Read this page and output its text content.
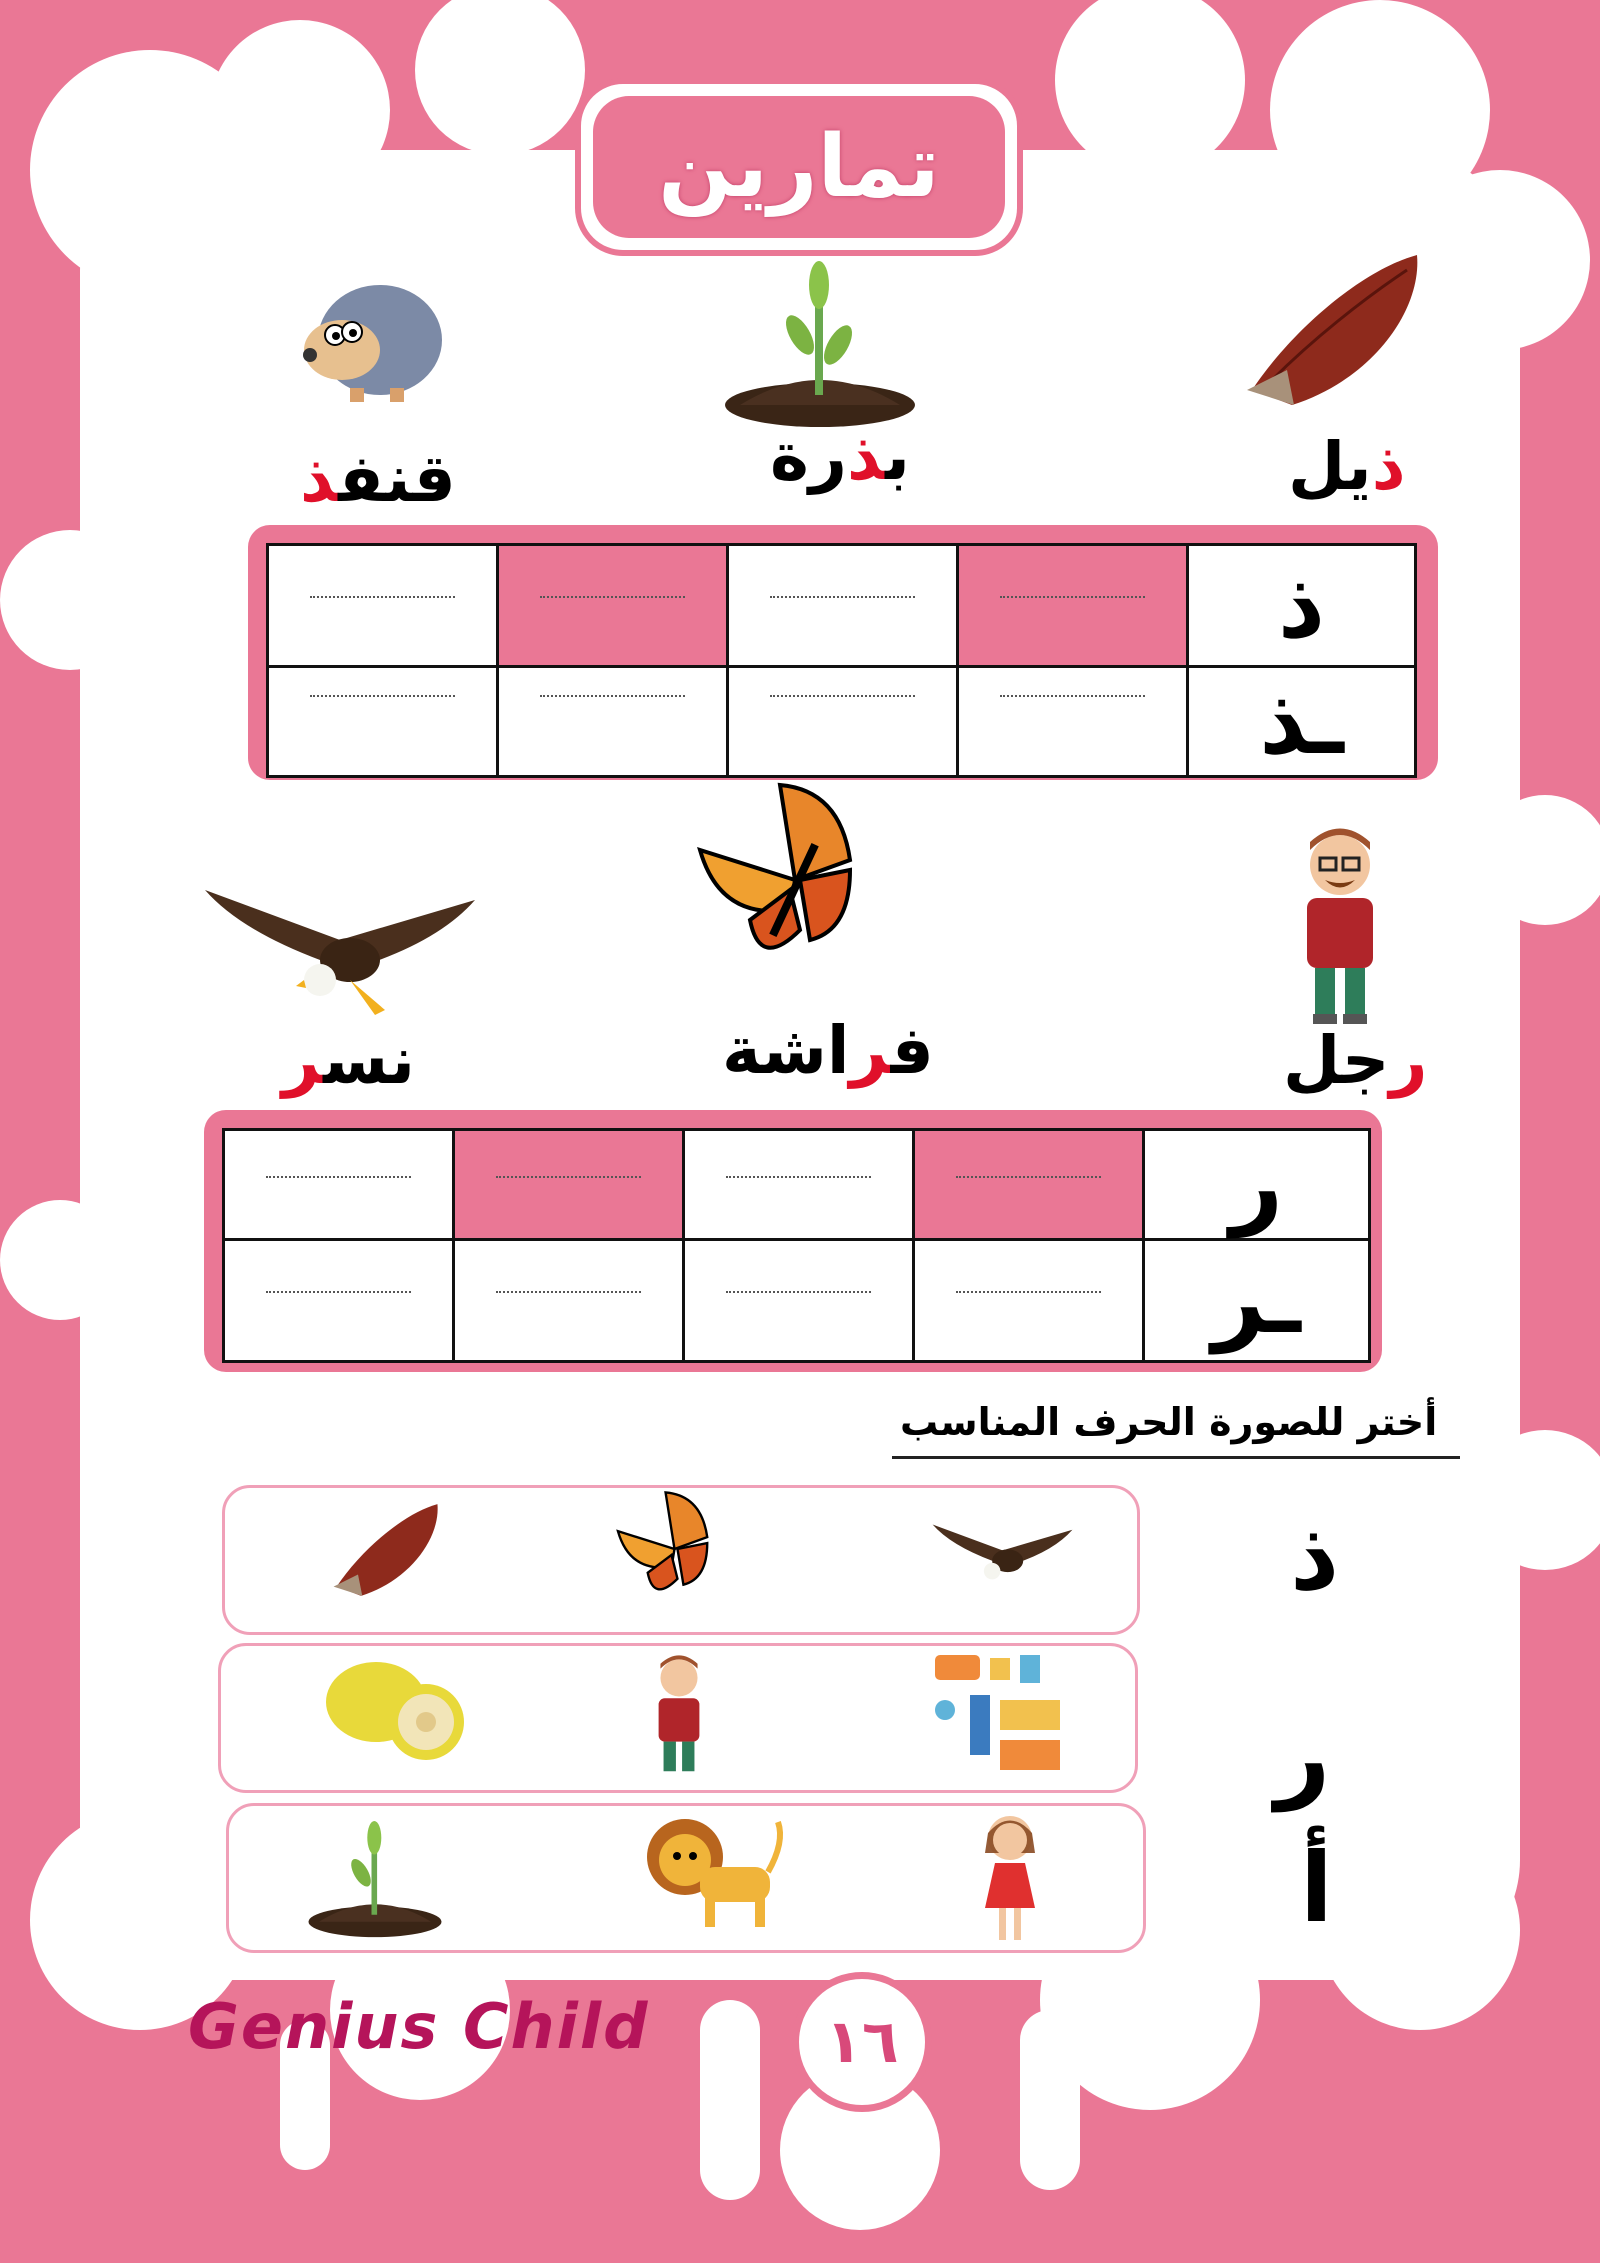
تمارين
ذيل
بذرة
قنفذ

	ذ

	ـذ
رجل
فراشة
نسر

	ر

	ـر
أختر للصورة الحرف المناسب
ذ
ر
أ
Genius Child	١٦
